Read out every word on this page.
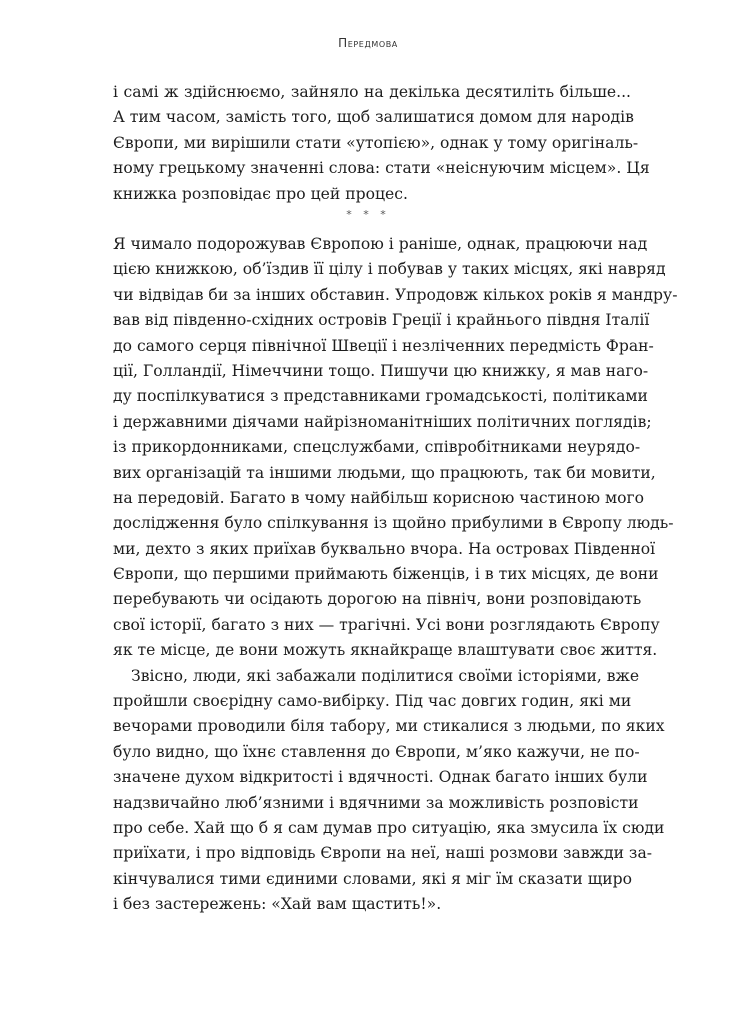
Передмова
і самі ж здійснюємо, зайняло на декілька десятиліть більше...
А тим часом, замість того, щоб залишатися домом для народів
Європи, ми вирішили стати «утопією», однак у тому оригіналь-
ному грецькому значенні слова: стати «неіснуючим місцем». Ця
книжка розповідає про цей процес.
* * *
Я чимало подорожував Європою і раніше, однак, працюючи над
цією книжкою, об’їздив її цілу і побував у таких місцях, які навряд
чи відвідав би за інших обставин. Упродовж кількох років я мандру-
вав від південно-східних островів Греції і крайнього півдня Італії
до самого серця північної Швеції і незліченних передмість Фран-
ції, Голландії, Німеччини тощо. Пишучи цю книжку, я мав наго-
ду поспілкуватися з представниками громадськості, політиками
і державними діячами найрізноманітніших політичних поглядів;
із прикордонниками, спецслужбами, співробітниками неурядо-
вих організацій та іншими людьми, що працюють, так би мовити,
на передовій. Багато в чому найбільш корисною частиною мого
дослідження було спілкування із щойно прибулими в Європу людь-
ми, дехто з яких приїхав буквально вчора. На островах Південної
Європи, що першими приймають біженців, і в тих місцях, де вони
перебувають чи осідають дорогою на північ, вони розповідають
свої історії, багато з них — трагічні. Усі вони розглядають Європу
як те місце, де вони можуть якнайкраще влаштувати своє життя.
Звісно, люди, які забажали поділитися своїми історіями, вже
пройшли своєрідну само-вибірку. Під час довгих годин, які ми
вечорами проводили біля табору, ми стикалися з людьми, по яких
було видно, що їхнє ставлення до Європи, м’яко кажучи, не по-
значене духом відкритості і вдячності. Однак багато інших були
надзвичайно люб’язними і вдячними за можливість розповісти
про себе. Хай що б я сам думав про ситуацію, яка змусила їх сюди
приїхати, і про відповідь Європи на неї, наші розмови завжди за-
кінчувалися тими єдиними словами, які я міг їм сказати щиро
і без застережень: «Хай вам щастить!».
